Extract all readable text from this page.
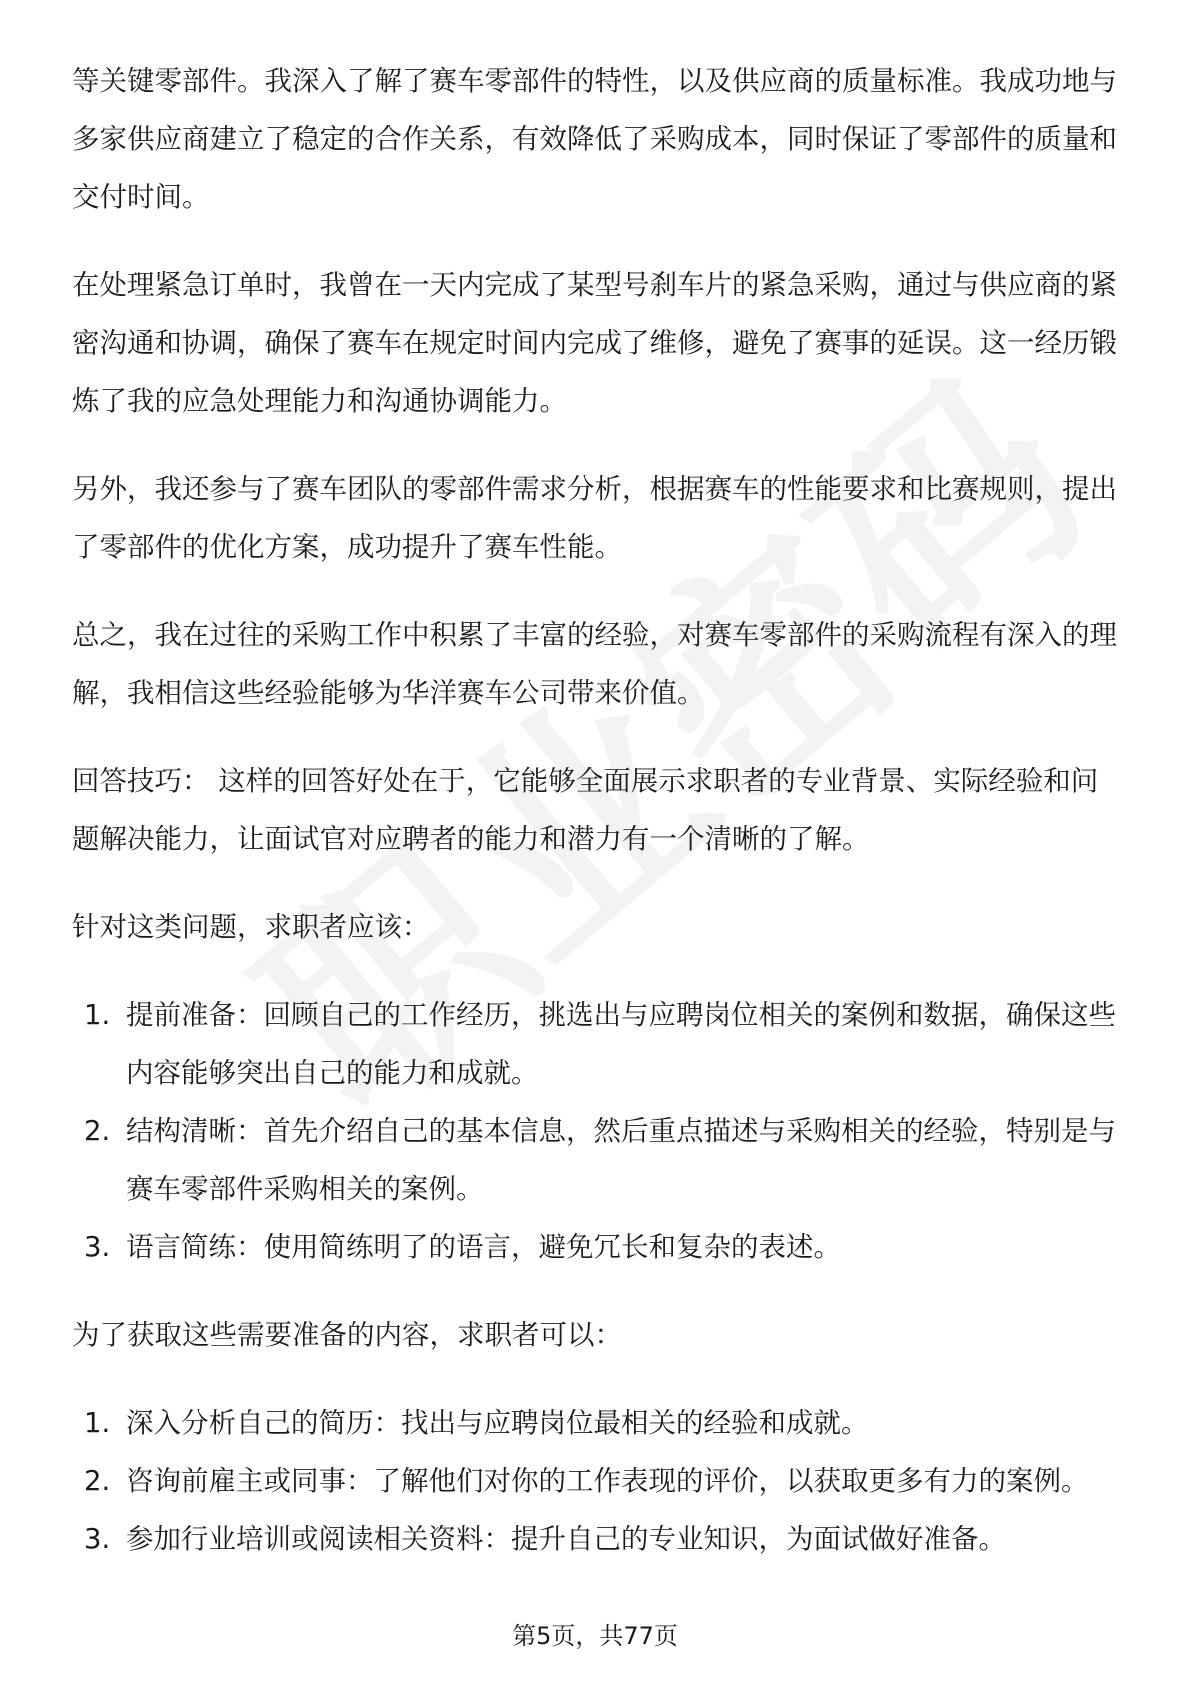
等关键零部件。我深入了解了赛车零部件的特性，以及供应商的质量标准。我成功地与多家供应商建立了稳定的合作关系，有效降低了采购成本，同时保证了零部件的质量和交付时间。

在处理紧急订单时，我曾在一天内完成了某型号刹车片的紧急采购，通过与供应商的紧密沟通和协调，确保了赛车在规定时间内完成了维修，避免了赛事的延误。这一经历锻炼了我的应急处理能力和沟通协调能力。

另外，我还参与了赛车团队的零部件需求分析，根据赛车的性能要求和比赛规则，提出了零部件的优化方案，成功提升了赛车性能。

总之，我在过往的采购工作中积累了丰富的经验，对赛车零部件的采购流程有深入的理解，我相信这些经验能够为华洋赛车公司带来价值。

回答技巧： 这样的回答好处在于，它能够全面展示求职者的专业背景、实际经验和问题解决能力，让面试官对应聘者的能力和潜力有一个清晰的了解。

针对这类问题，求职者应该：

1. 提前准备：回顾自己的工作经历，挑选出与应聘岗位相关的案例和数据，确保这些内容能够突出自己的能力和成就。
2. 结构清晰：首先介绍自己的基本信息，然后重点描述与采购相关的经验，特别是与赛车零部件采购相关的案例。
3. 语言简练：使用简练明了的语言，避免冗长和复杂的表述。

为了获取这些需要准备的内容，求职者可以：

1. 深入分析自己的简历：找出与应聘岗位最相关的经验和成就。
2. 咨询前雇主或同事：了解他们对你的工作表现的评价，以获取更多有力的案例。
3. 参加行业培训或阅读相关资料：提升自己的专业知识，为面试做好准备。
第5页，共77页
